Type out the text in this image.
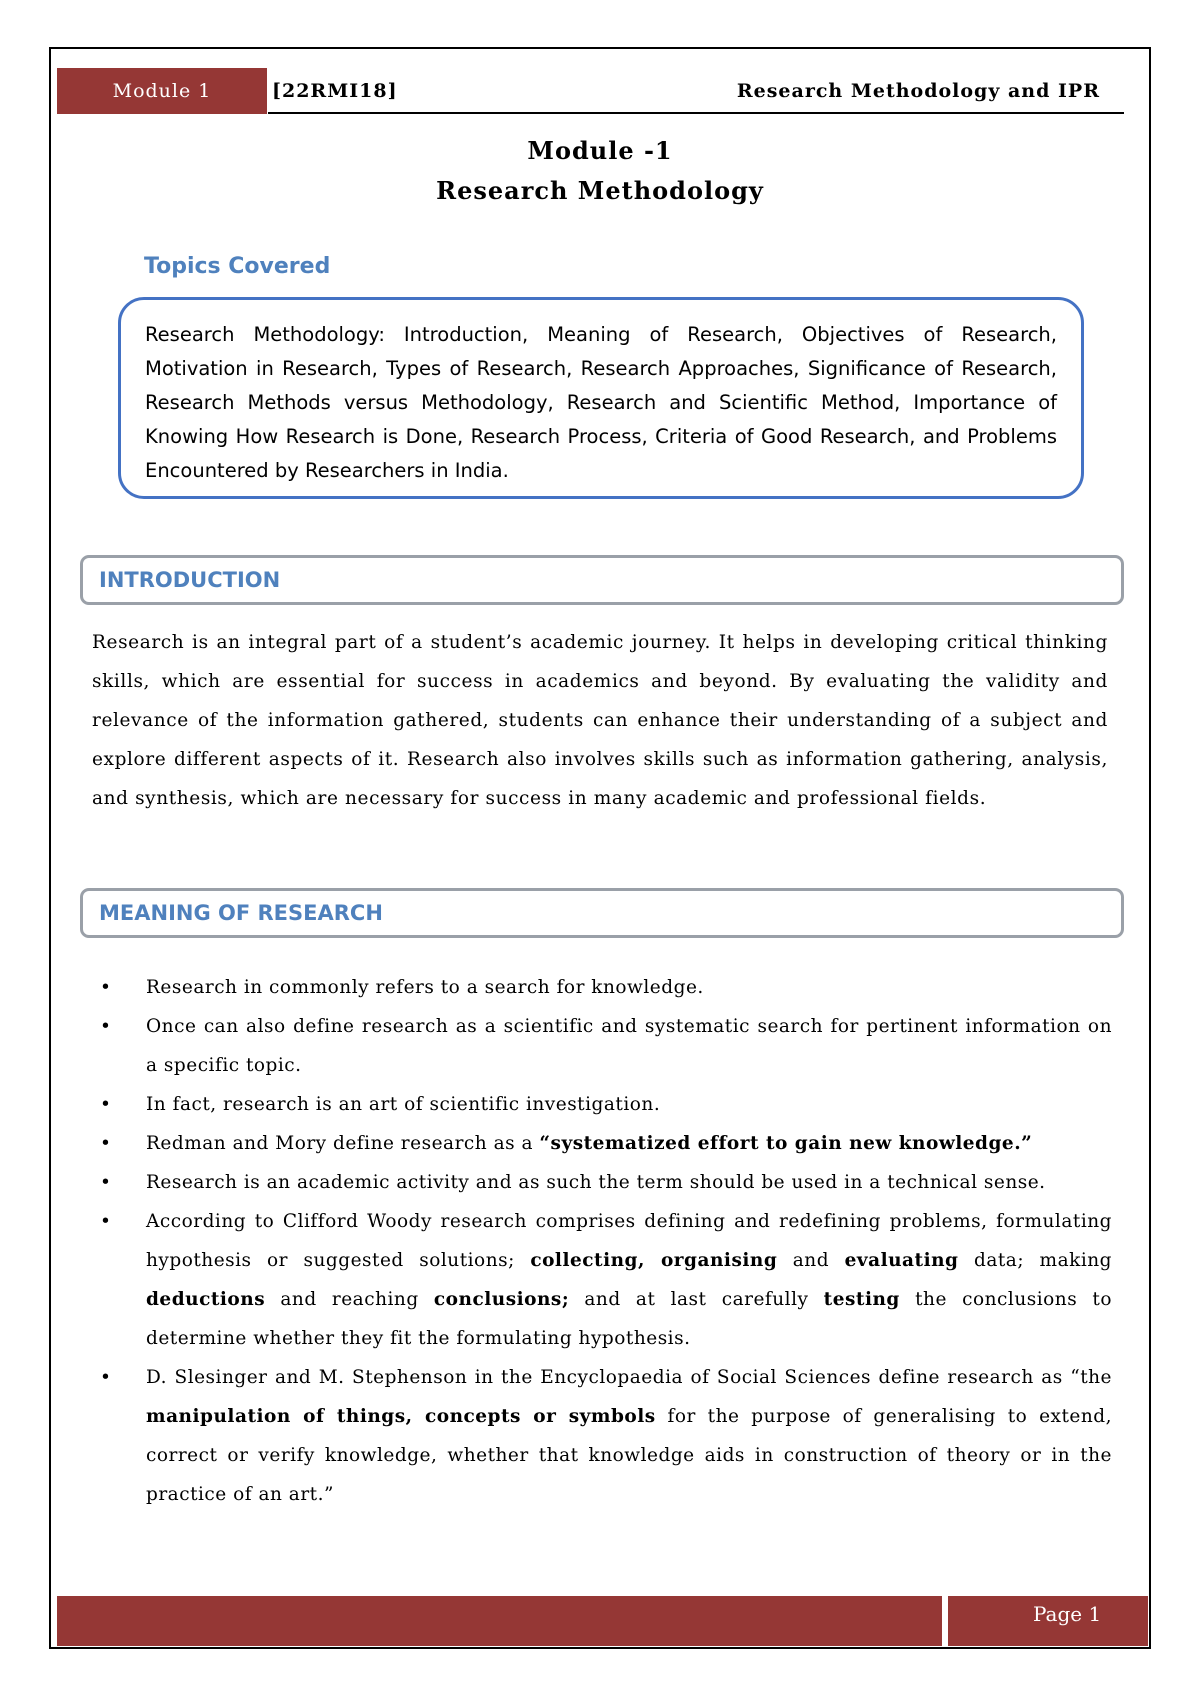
Module 1	[22RMI18]	Research Methodology and IPR
Module -1
Research Methodology
Topics Covered
Research Methodology: Introduction, Meaning of Research, Objectives of Research, Motivation in Research, Types of Research, Research Approaches, Significance of Research, Research Methods versus Methodology, Research and Scientific Method, Importance of Knowing How Research is Done, Research Process, Criteria of Good Research, and Problems Encountered by Researchers in India.
INTRODUCTION
Research is an integral part of a student’s academic journey. It helps in developing critical thinking skills, which are essential for success in academics and beyond. By evaluating the validity and relevance of the information gathered, students can enhance their understanding of a subject and explore different aspects of it. Research also involves skills such as information gathering, analysis, and synthesis, which are necessary for success in many academic and professional fields.
MEANING OF RESEARCH
• Research in commonly refers to a search for knowledge.
• Once can also define research as a scientific and systematic search for pertinent information on a specific topic.
• In fact, research is an art of scientific investigation.
• Redman and Mory define research as a “systematized effort to gain new knowledge.”
• Research is an academic activity and as such the term should be used in a technical sense.
• According to Clifford Woody research comprises defining and redefining problems, formulating hypothesis or suggested solutions; collecting, organising and evaluating data; making deductions and reaching conclusions; and at last carefully testing the conclusions to determine whether they fit the formulating hypothesis.
• D. Slesinger and M. Stephenson in the Encyclopaedia of Social Sciences define research as “the manipulation of things, concepts or symbols for the purpose of generalising to extend, correct or verify knowledge, whether that knowledge aids in construction of theory or in the practice of an art.”
Page 1
